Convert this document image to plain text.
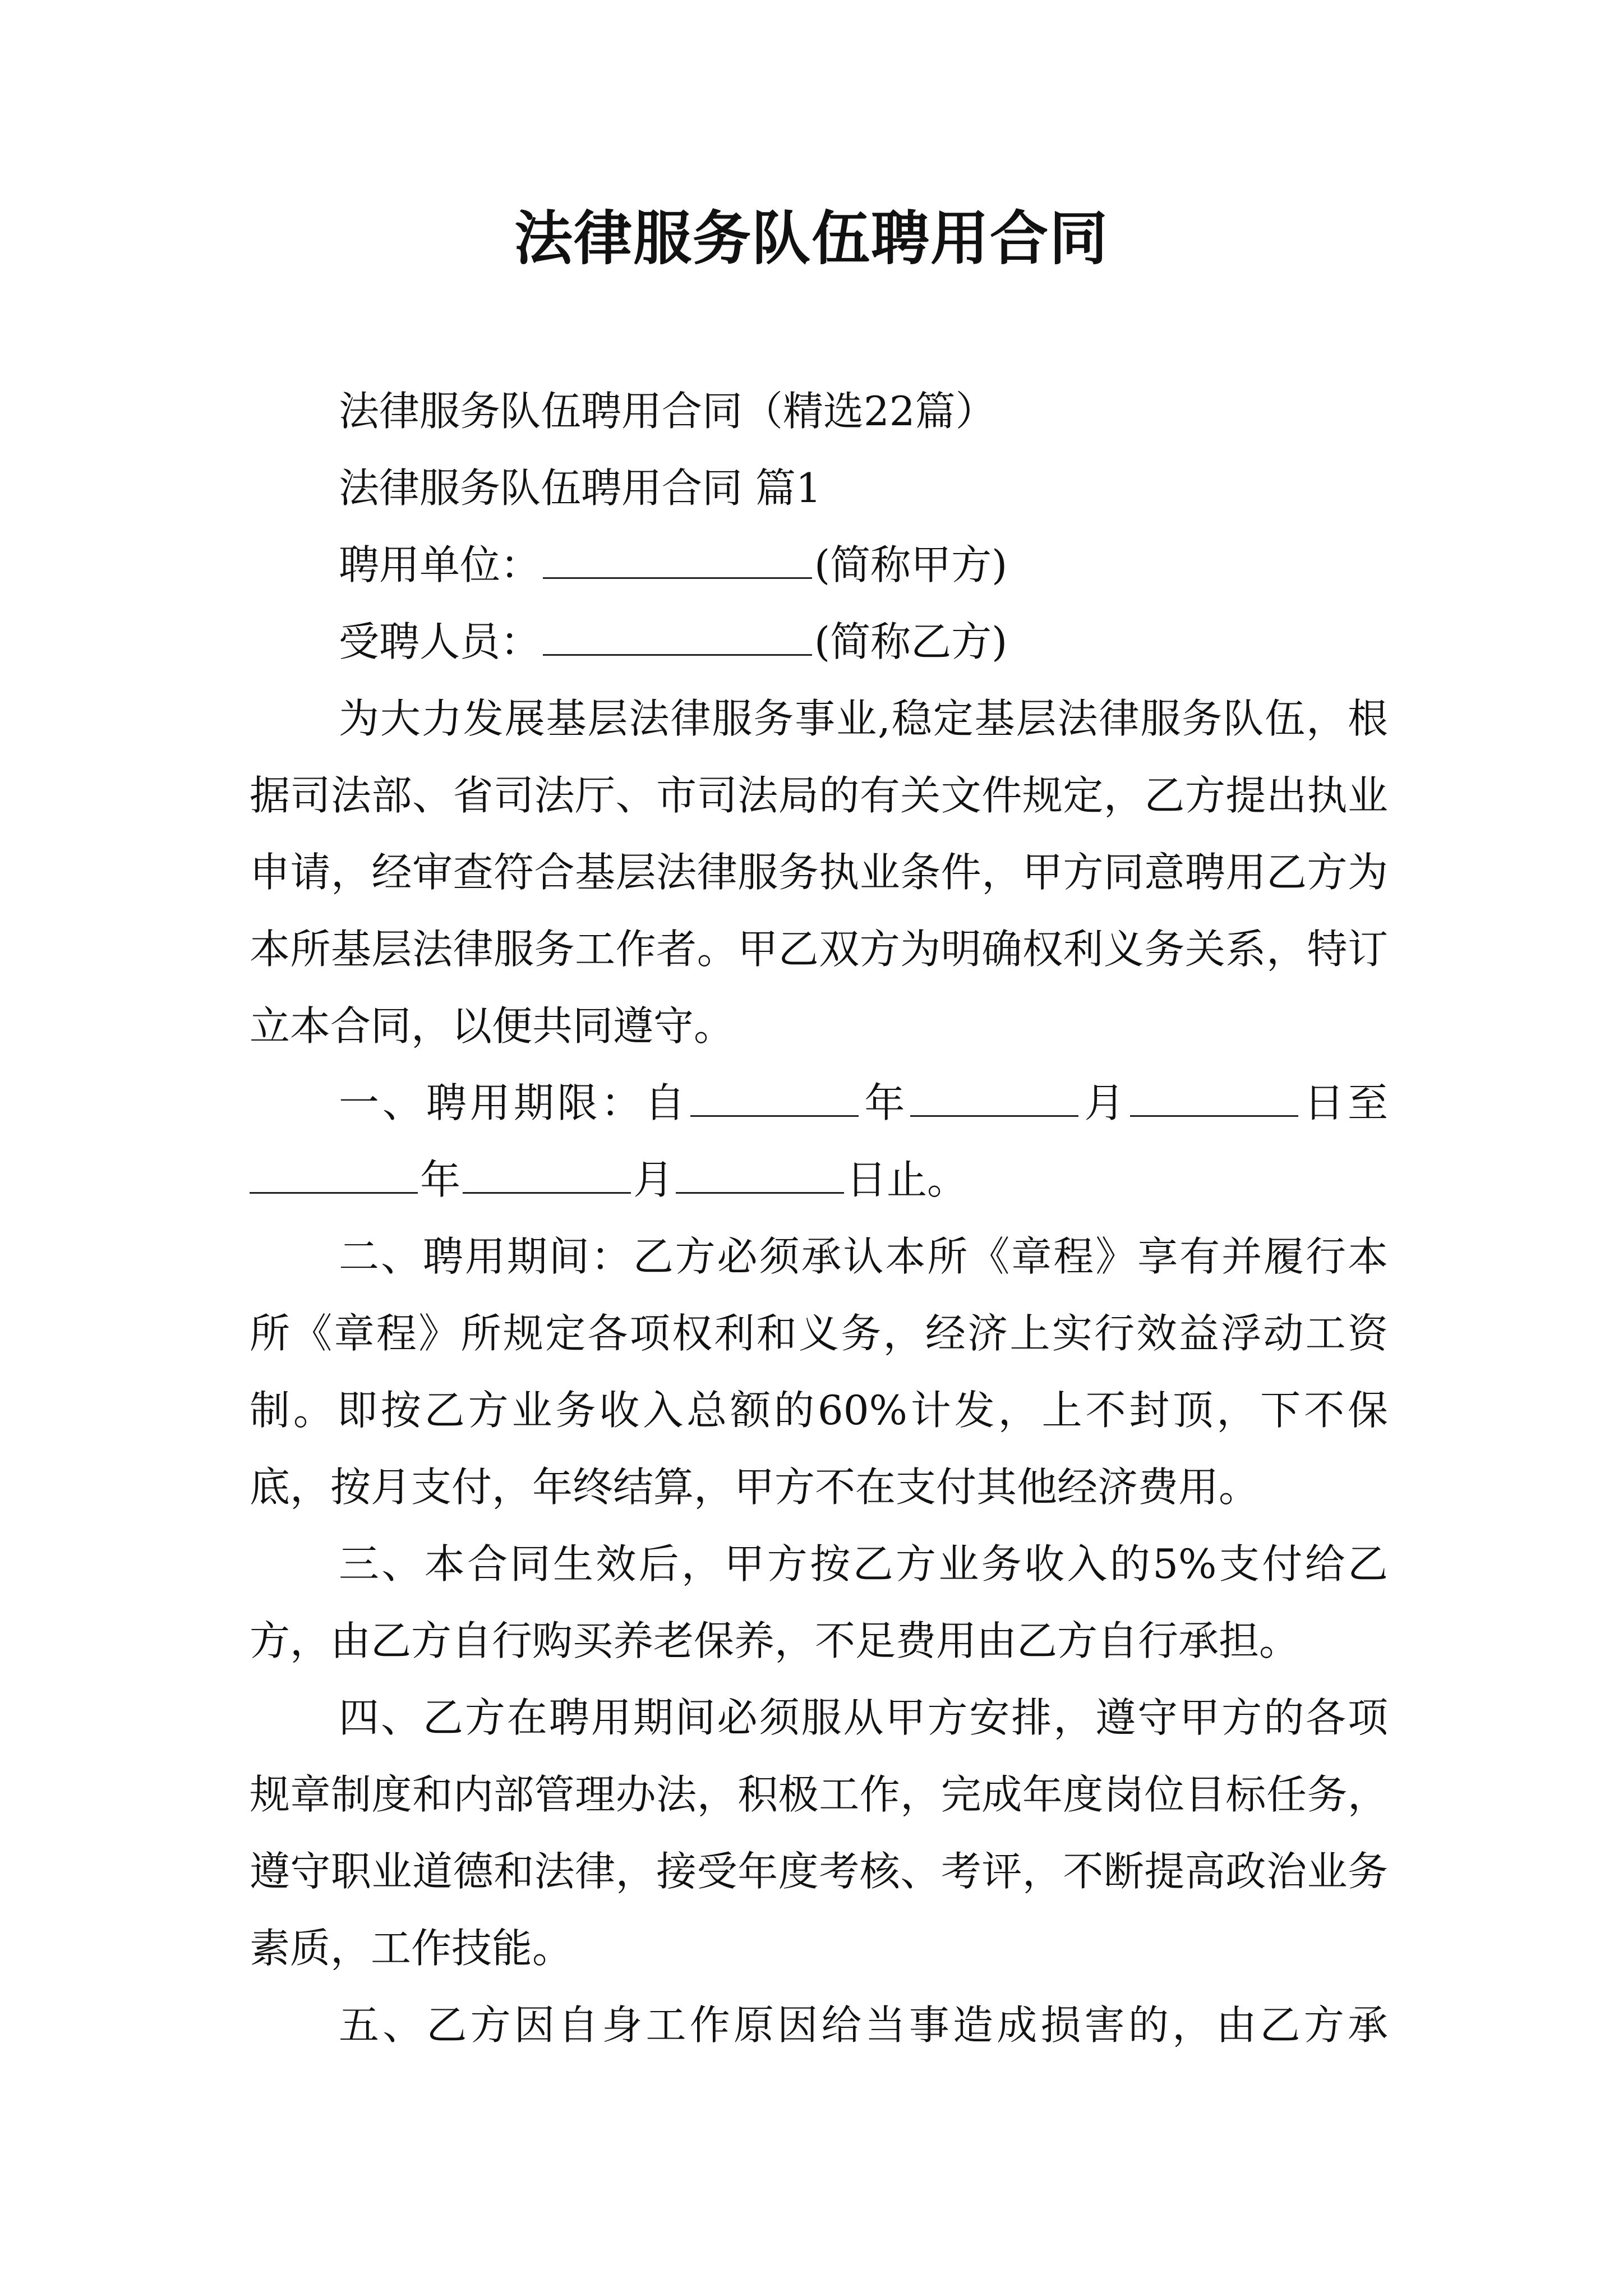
法律服务队伍聘用合同

法律服务队伍聘用合同（精选22篇）

法律服务队伍聘用合同 篇1

聘用单位：	(简称甲方)

受聘人员：	(简称乙方)

为大力发展基层法律服务事业,稳定基层法律服务队伍，根据司法部、省司法厅、市司法局的有关文件规定，乙方提出执业申请，经审查符合基层法律服务执业条件，甲方同意聘用乙方为本所基层法律服务工作者。甲乙双方为明确权利义务关系，特订立本合同，以便共同遵守。

一、聘用期限：自	年	月	日至年	月	日止。

二、聘用期间：乙方必须承认本所《章程》享有并履行本所《章程》所规定各项权利和义务，经济上实行效益浮动工资制。即按乙方业务收入总额的60%计发，上不封顶，下不保底，按月支付，年终结算，甲方不在支付其他经济费用。

三、本合同生效后，甲方按乙方业务收入的5%支付给乙方，由乙方自行购买养老保养，不足费用由乙方自行承担。

四、乙方在聘用期间必须服从甲方安排，遵守甲方的各项规章制度和内部管理办法，积极工作，完成年度岗位目标任务，遵守职业道德和法律，接受年度考核、考评，不断提高政治业务素质，工作技能。

五、乙方因自身工作原因给当事造成损害的，由乙方承
